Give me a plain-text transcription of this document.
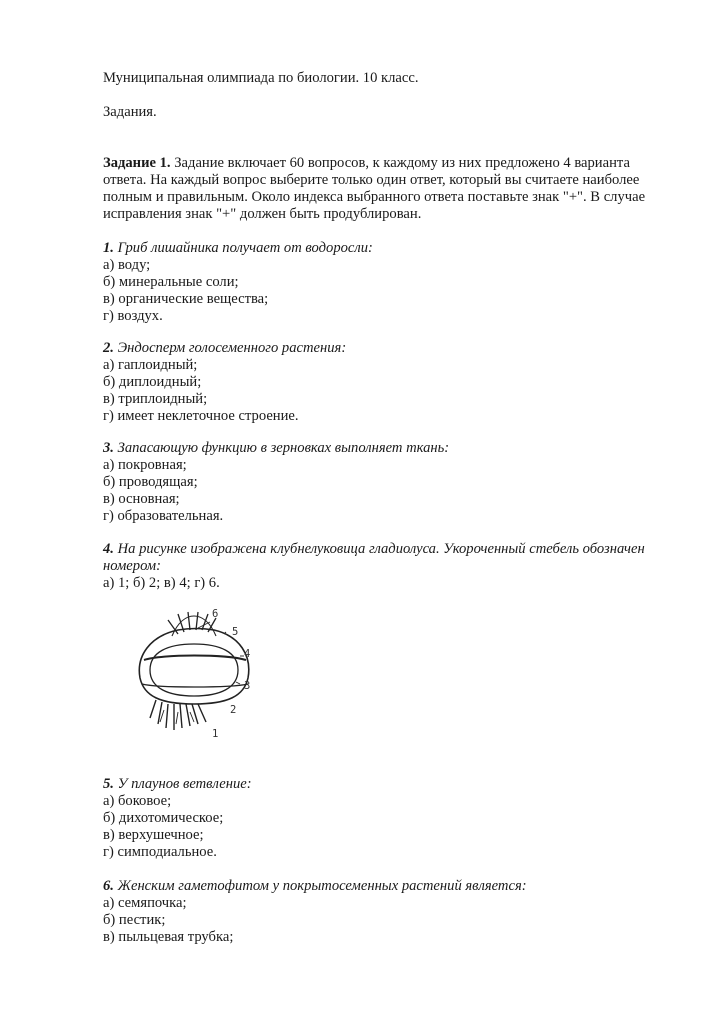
Муниципальная олимпиада по биологии. 10 класс.
Задания.
Задание 1. Задание включает 60 вопросов, к каждому из них предложено 4 варианта
ответа. На каждый вопрос выберите только один ответ, который вы считаете наиболее
полным и правильным. Около индекса выбранного ответа поставьте знак "+". В случае
исправления знак "+" должен быть продублирован.
1. Гриб лишайника получает от водоросли:
а) воду;
б) минеральные соли;
в) органические вещества;
г) воздух.
2. Эндосперм голосеменного растения:
а) гаплоидный;
б) диплоидный;
в) триплоидный;
г) имеет неклеточное строение.
3. Запасающую функцию в зерновках выполняет ткань:
а) покровная;
б) проводящая;
в) основная;
г) образовательная.
4. На рисунке изображена клубнелуковица гладиолуса. Укороченный стебель обозначен
номером:
а) 1; б) 2; в) 4; г) 6.
6
5
4
3
2
1
5. У плаунов ветвление:
а) боковое;
б) дихотомическое;
в) верхушечное;
г) симподиальное.
6. Женским гаметофитом у покрытосеменных растений является:
а) семяпочка;
б) пестик;
в) пыльцевая трубка;
